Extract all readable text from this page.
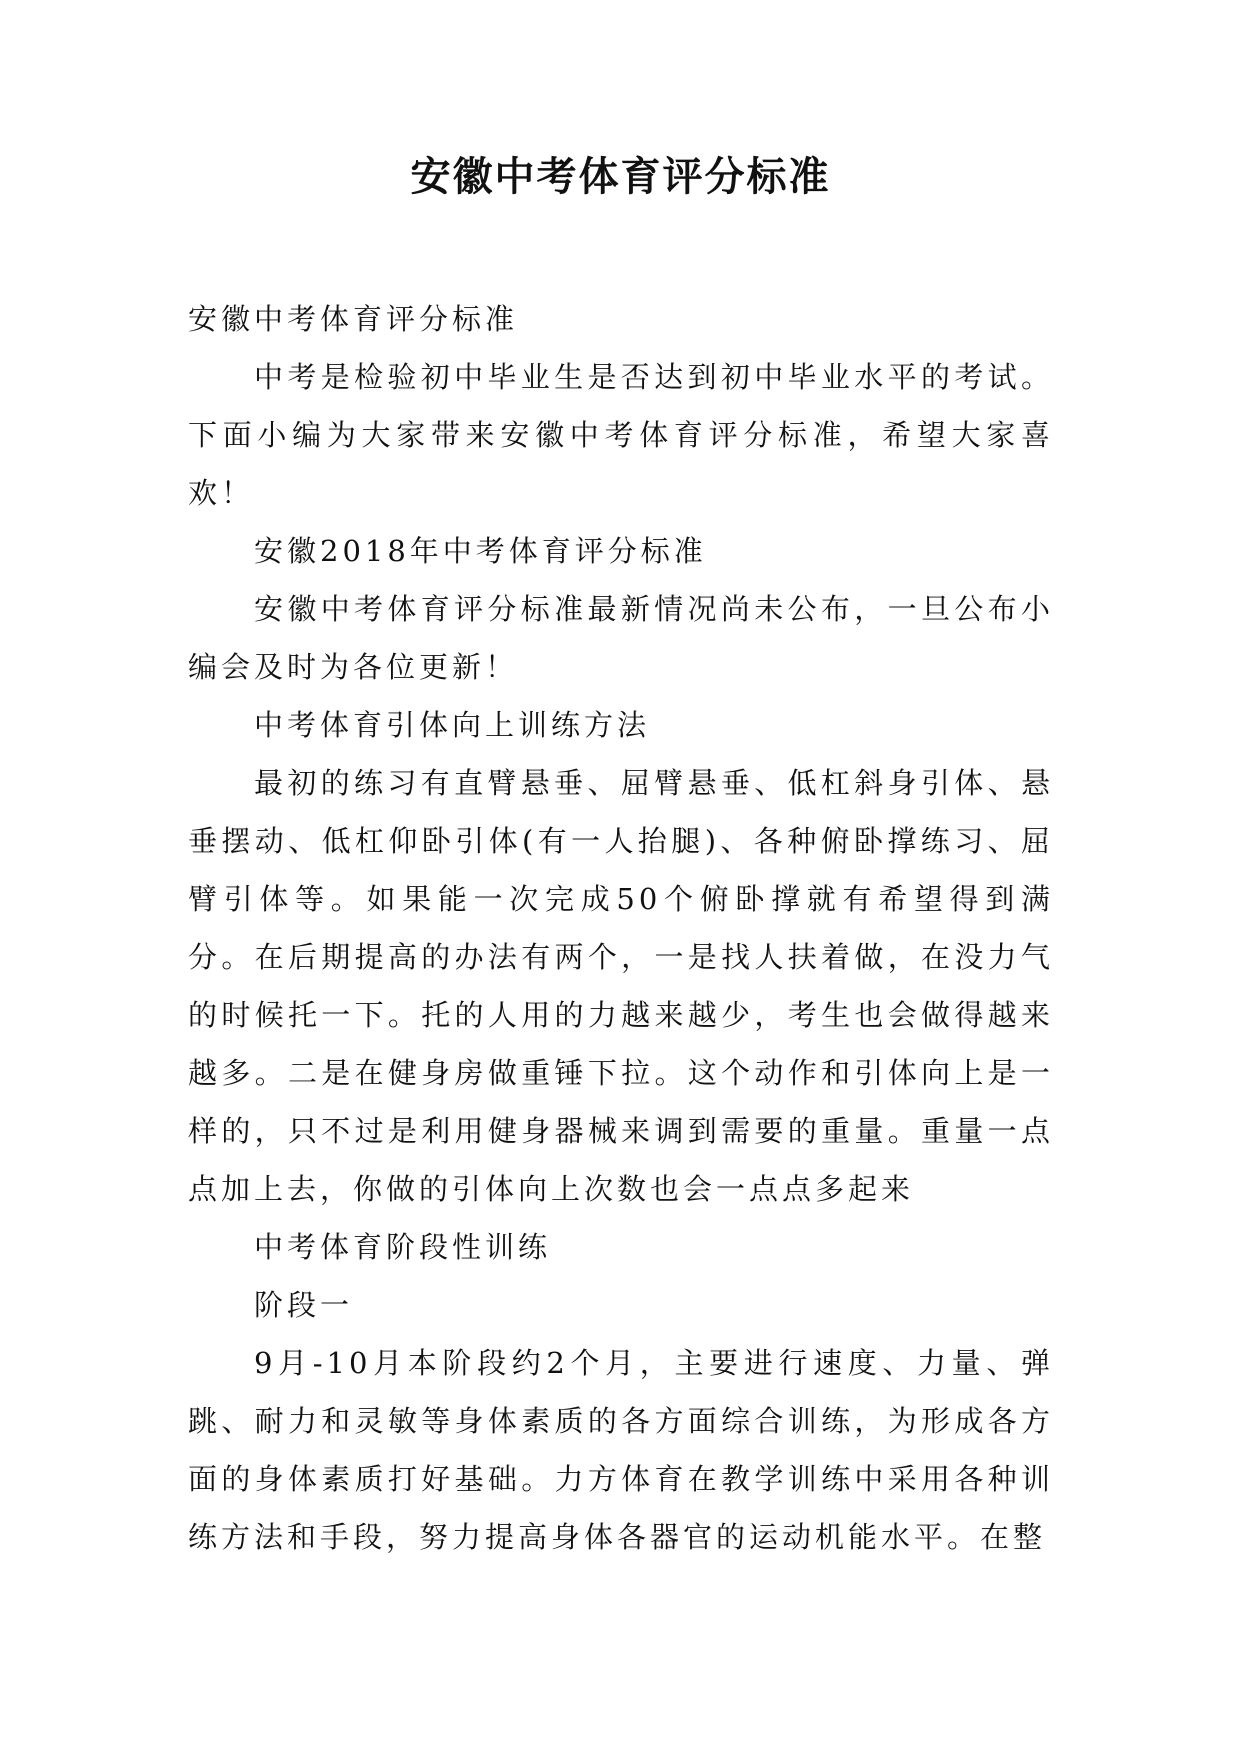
安徽中考体育评分标准

安徽中考体育评分标准

中考是检验初中毕业生是否达到初中毕业水平的考试。下面小编为大家带来安徽中考体育评分标准，希望大家喜欢！

安徽2018年中考体育评分标准

安徽中考体育评分标准最新情况尚未公布，一旦公布小编会及时为各位更新！

中考体育引体向上训练方法

最初的练习有直臂悬垂、屈臂悬垂、低杠斜身引体、悬垂摆动、低杠仰卧引体(有一人抬腿)、各种俯卧撑练习、屈臂引体等。如果能一次完成50个俯卧撑就有希望得到满分。在后期提高的办法有两个，一是找人扶着做，在没力气的时候托一下。托的人用的力越来越少，考生也会做得越来越多。二是在健身房做重锤下拉。这个动作和引体向上是一样的，只不过是利用健身器械来调到需要的重量。重量一点点加上去，你做的引体向上次数也会一点点多起来

中考体育阶段性训练

阶段一

9月-10月本阶段约2个月，主要进行速度、力量、弹跳、耐力和灵敏等身体素质的各方面综合训练，为形成各方面的身体素质打好基础。力方体育在教学训练中采用各种训练方法和手段，努力提高身体各器官的运动机能水平。在整
